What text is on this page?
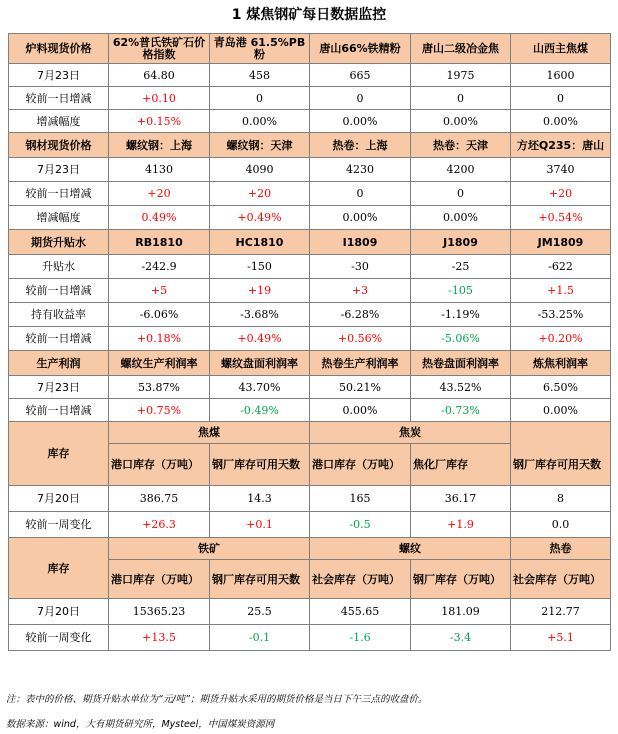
1 煤焦钢矿每日数据监控
炉料现货价格	62%普氏铁矿石价格指数	青岛港 61.5%PB粉	唐山66%铁精粉	唐山二级冶金焦	山西主焦煤
7月23日	64.80	458	665	1975	1600
较前一日增减	+0.10	0	0	0	0
增减幅度	+0.15%	0.00%	0.00%	0.00%	0.00%
钢材现货价格	螺纹钢：上海	螺纹钢：天津	热卷：上海	热卷：天津	方坯Q235：唐山
7月23日	4130	4090	4230	4200	3740
较前一日增减	+20	+20	0	0	+20
增减幅度	0.49%	+0.49%	0.00%	0.00%	+0.54%
期货升贴水	RB1810	HC1810	I1809	J1809	JM1809
升贴水	-242.9	-150	-30	-25	-622
较前一日增减	+5	+19	+3	-105	+1.5
持有收益率	-6.06%	-3.68%	-6.28%	-1.19%	-53.25%
较前一日增减	+0.18%	+0.49%	+0.56%	-5.06%	+0.20%
生产利润	螺纹生产利润率	螺纹盘面利润率	热卷生产利润率	热卷盘面利润率	炼焦利润率
7月23日	53.87%	43.70%	50.21%	43.52%	6.50%
较前一日增减	+0.75%	-0.49%	0.00%	-0.73%	0.00%
库存	焦煤		焦炭		
	港口库存（万吨）	钢厂库存可用天数	港口库存（万吨）	焦化厂库存	钢厂库存可用天数
7月20日	386.75	14.3	165	36.17	8
较前一周变化	+26.3	+0.1	-0.5	+1.9	0.0
库存	铁矿		螺纹		热卷
	港口库存（万吨）	钢厂库存可用天数	社会库存（万吨）	钢厂库存（万吨）	社会库存（万吨）
7月20日	15365.23	25.5	455.65	181.09	212.77
较前一周变化	+13.5	-0.1	-1.6	-3.4	+5.1
注：表中的价格、期货升贴水单位为“元/吨”；期货升贴水采用的期货价格是当日下午三点的收盘价。
数据来源：wind，大有期货研究所，Mysteel，中国煤炭资源网
